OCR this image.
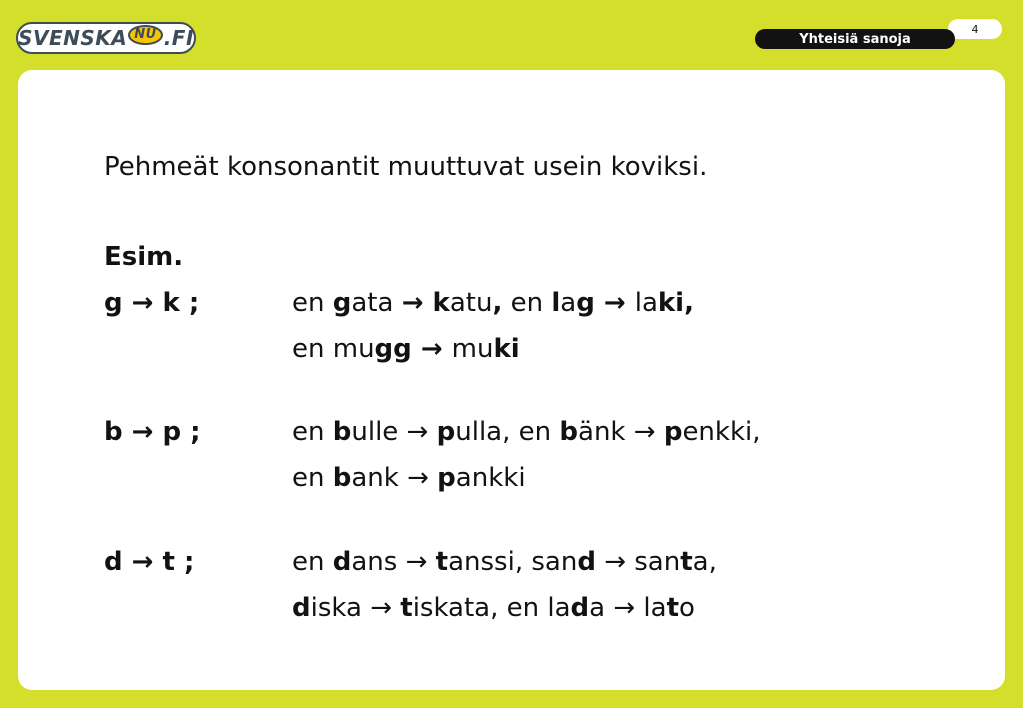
SVENSKA NU .FI	4
Yhteisiä sanoja
Pehmeät konsonantit muuttuvat usein koviksi.
Esim.
g → k ;	en gata → katu, en lag → laki,
en mugg → muki
b → p ;	en bulle → pulla, en bänk → penkki,
en bank → pankki
d → t ;	en dans → tanssi, sand → santa,
diska → tiskata, en lada → lato
